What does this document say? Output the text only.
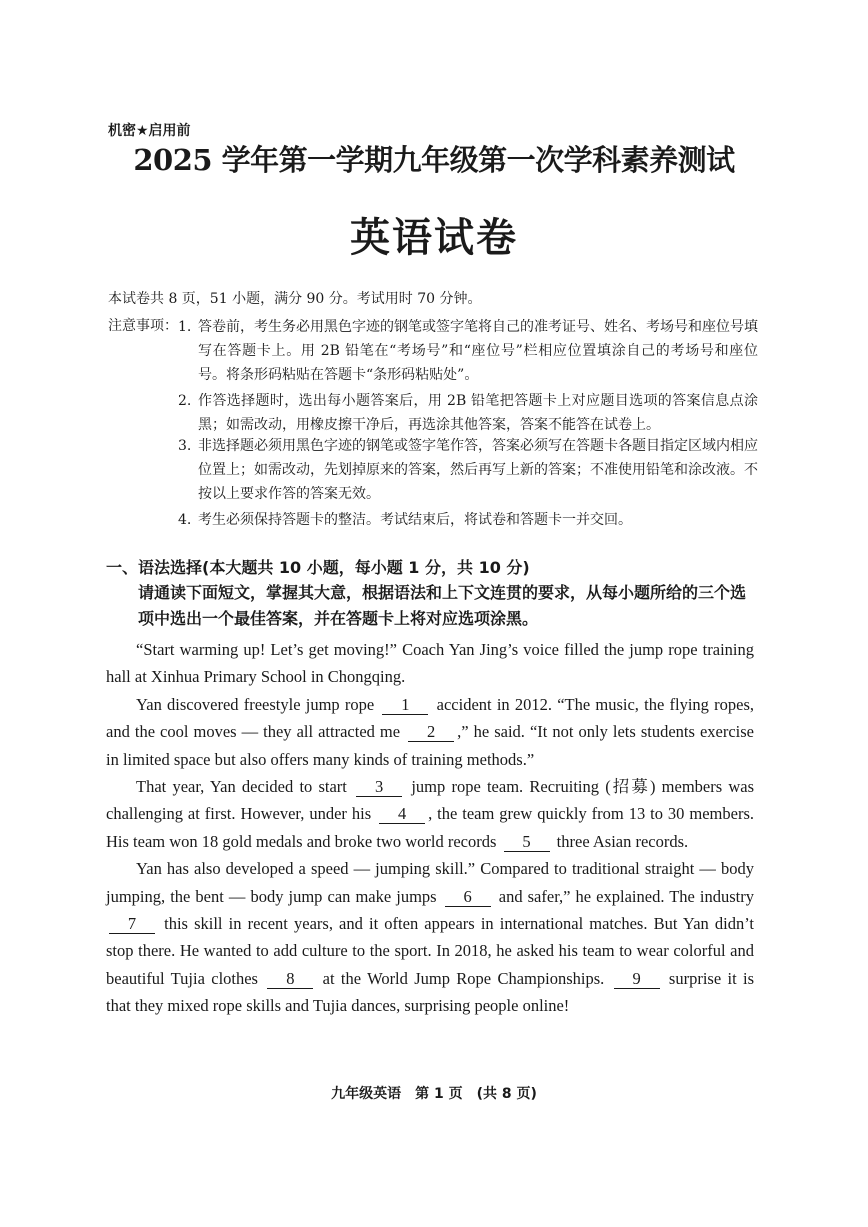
机密★启用前
2025 学年第一学期九年级第一次学科素养测试
英语试卷
本试卷共 8 页，51 小题，满分 90 分。考试用时 70 分钟。
注意事项： 1. 答卷前，考生务必用黑色字迹的钢笔或签字笔将自己的准考证号、姓名、考场号和座位号填写在答题卡上。用 2B 铅笔在“考场号”和“座位号”栏相应位置填涂自己的考场号和座位号。将条形码粘贴在答题卡“条形码粘贴处”。
2. 作答选择题时，选出每小题答案后，用 2B 铅笔把答题卡上对应题目选项的答案信息点涂黑；如需改动，用橡皮擦干净后，再选涂其他答案，答案不能答在试卷上。
3. 非选择题必须用黑色字迹的钢笔或签字笔作答，答案必须写在答题卡各题目指定区域内相应位置上；如需改动，先划掉原来的答案，然后再写上新的答案；不准使用铅笔和涂改液。不按以上要求作答的答案无效。
4. 考生必须保持答题卡的整洁。考试结束后，将试卷和答题卡一并交回。
一、语法选择(本大题共 10 小题，每小题 1 分，共 10 分)
请通读下面短文，掌握其大意，根据语法和上下文连贯的要求，从每小题所给的三个选项中选出一个最佳答案，并在答题卡上将对应选项涂黑。

“Start warming up! Let’s get moving!” Coach Yan Jing’s voice filled the jump rope training hall at Xinhua Primary School in Chongqing.

Yan discovered freestyle jump rope 1 accident in 2012. “The music, the flying ropes, and the cool moves — they all attracted me 2 ,” he said. “It not only lets students exercise in limited space but also offers many kinds of training methods.”

That year, Yan decided to start 3 jump rope team. Recruiting (招募) members was challenging at first. However, under his 4 , the team grew quickly from 13 to 30 members. His team won 18 gold medals and broke two world records 5 three Asian records.

Yan has also developed a speed — jumping skill.” Compared to traditional straight — body jumping, the bent — body jump can make jumps 6 and safer,” he explained. The industry 7 this skill in recent years, and it often appears in international matches. But Yan didn’t stop there. He wanted to add culture to the sport. In 2018, he asked his team to wear colorful and beautiful Tujia clothes 8 at the World Jump Rope Championships. 9 surprise it is that they mixed rope skills and Tujia dances, surprising people online!

九年级英语　第 1 页　(共 8 页)
